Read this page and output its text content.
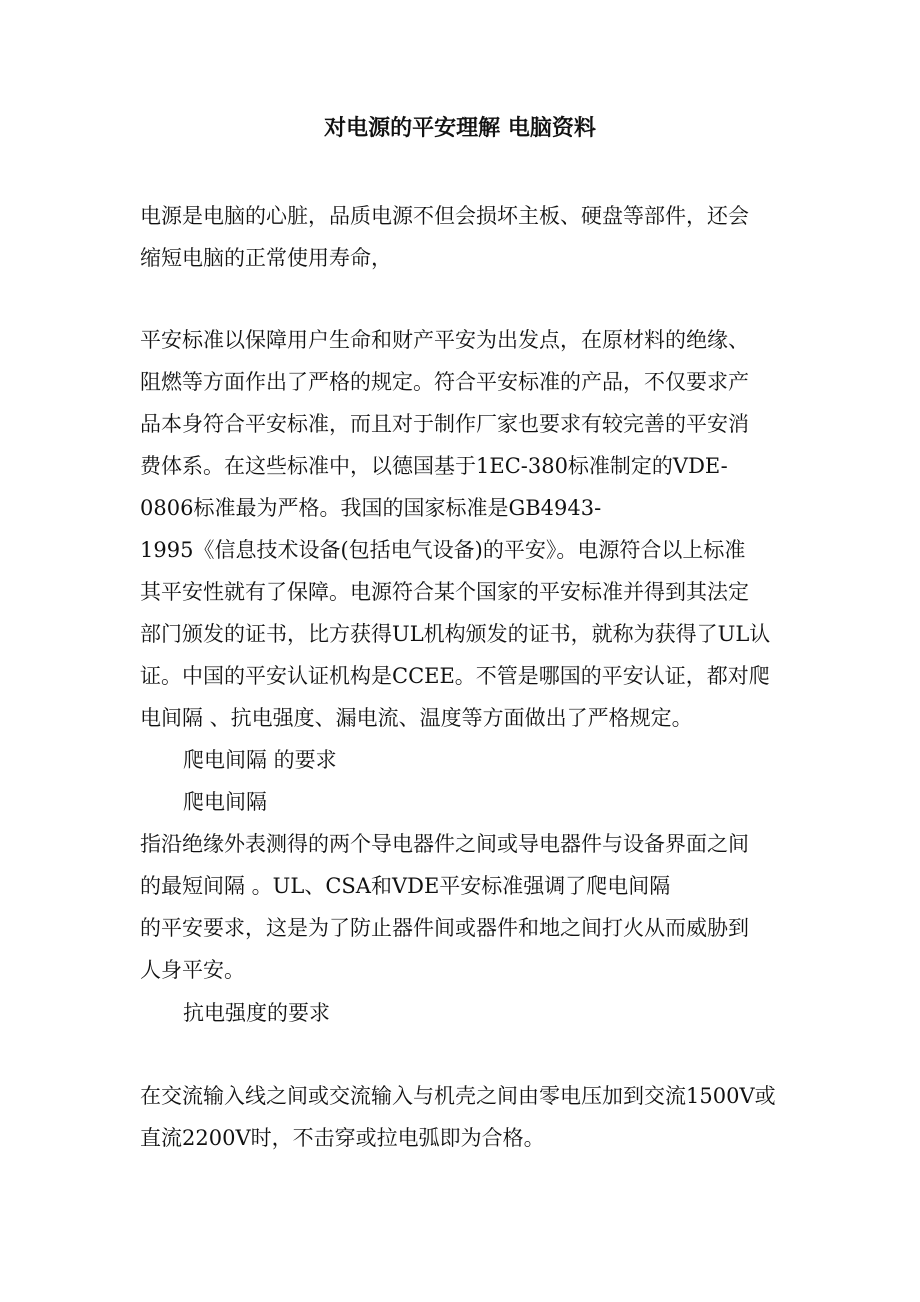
对电源的平安理解 电脑资料
电源是电脑的心脏，品质电源不但会损坏主板、硬盘等部件，还会
缩短电脑的正常使用寿命，
平安标准以保障用户生命和财产平安为出发点，在原材料的绝缘、
阻燃等方面作出了严格的规定。符合平安标准的产品，不仅要求产
品本身符合平安标准，而且对于制作厂家也要求有较完善的平安消
费体系。在这些标准中，以德国基于1EC-380标准制定的VDE-
0806标准最为严格。我国的国家标准是GB4943-
1995《信息技术设备(包括电气设备)的平安》。电源符合以上标准
其平安性就有了保障。电源符合某个国家的平安标准并得到其法定
部门颁发的证书，比方获得UL机构颁发的证书，就称为获得了UL认
证。中国的平安认证机构是CCEE。不管是哪国的平安认证，都对爬
电间隔 、抗电强度、漏电流、温度等方面做出了严格规定。
爬电间隔 的要求
爬电间隔
指沿绝缘外表测得的两个导电器件之间或导电器件与设备界面之间
的最短间隔 。UL、CSA和VDE平安标准强调了爬电间隔
的平安要求，这是为了防止器件间或器件和地之间打火从而威胁到
人身平安。
抗电强度的要求
在交流输入线之间或交流输入与机壳之间由零电压加到交流1500V或
直流2200V时，不击穿或拉电弧即为合格。
